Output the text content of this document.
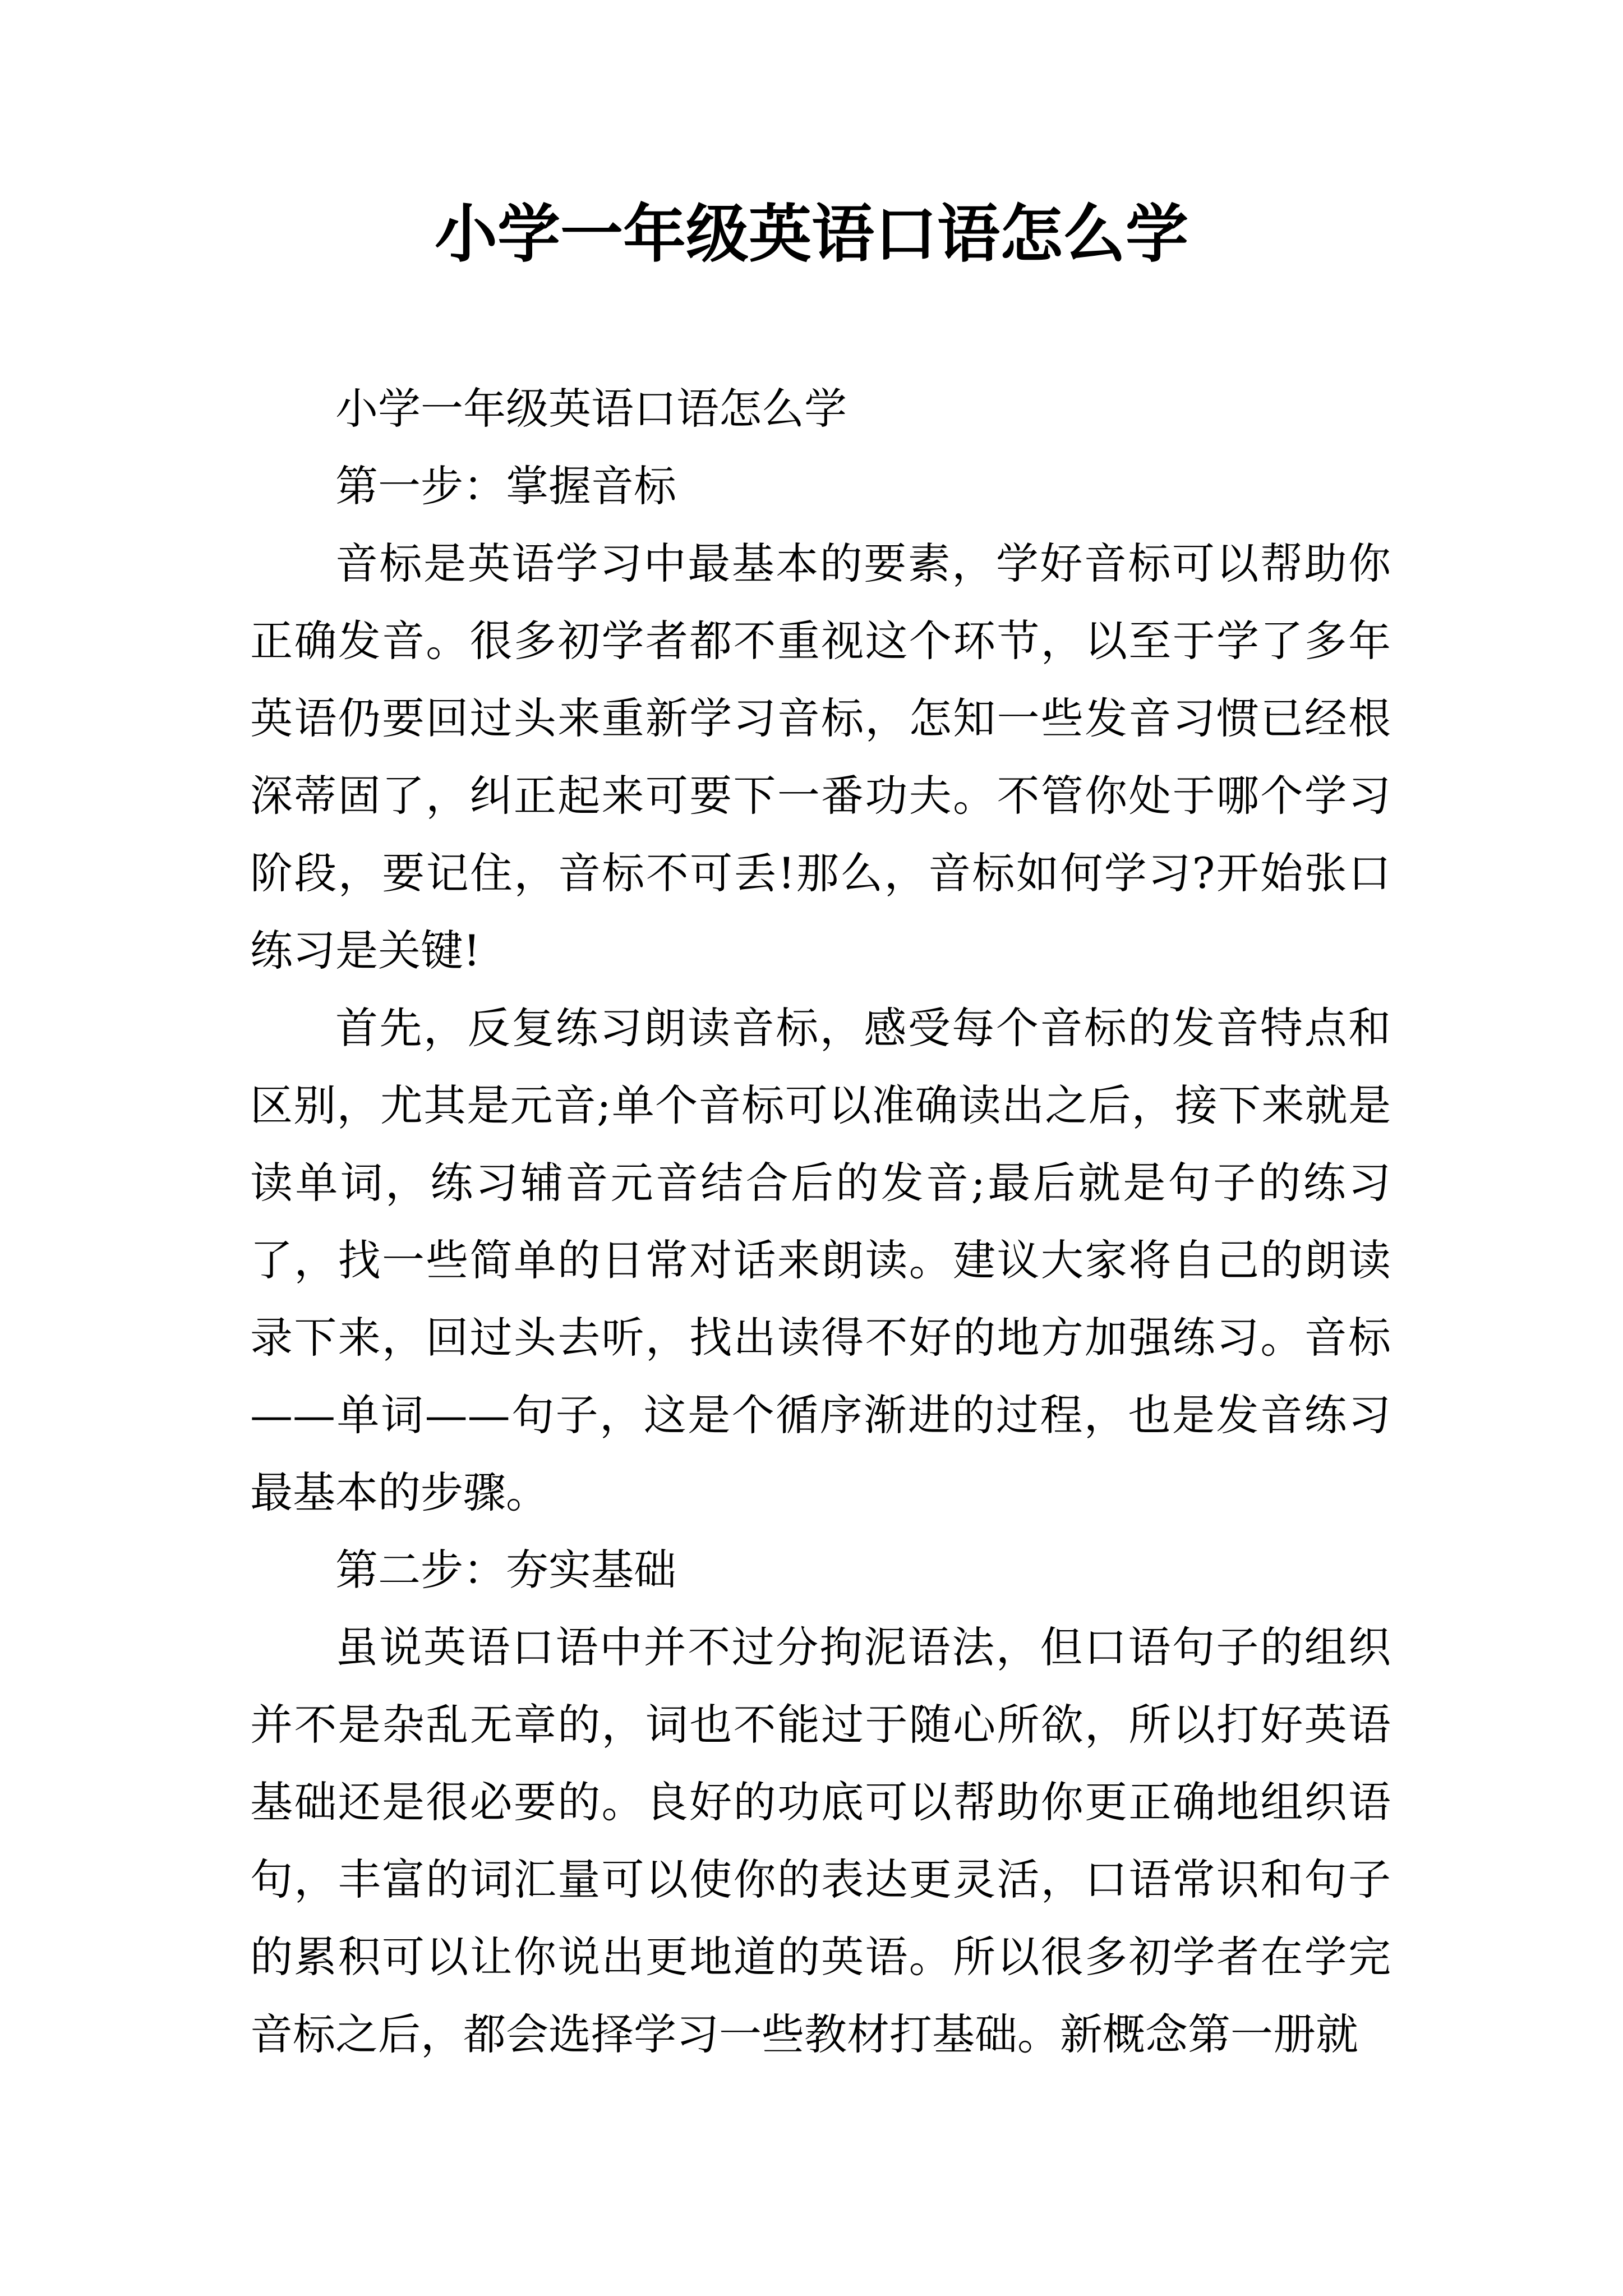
小学一年级英语口语怎么学

小学一年级英语口语怎么学

第一步：掌握音标

音标是英语学习中最基本的要素，学好音标可以帮助你正确发音。很多初学者都不重视这个环节，以至于学了多年英语仍要回过头来重新学习音标，怎知一些发音习惯已经根深蒂固了，纠正起来可要下一番功夫。不管你处于哪个学习阶段，要记住，音标不可丢!那么，音标如何学习?开始张口练习是关键!

首先，反复练习朗读音标，感受每个音标的发音特点和区别，尤其是元音;单个音标可以准确读出之后，接下来就是读单词，练习辅音元音结合后的发音;最后就是句子的练习了，找一些简单的日常对话来朗读。建议大家将自己的朗读录下来，回过头去听，找出读得不好的地方加强练习。音标——单词——句子，这是个循序渐进的过程，也是发音练习最基本的步骤。

第二步：夯实基础

虽说英语口语中并不过分拘泥语法，但口语句子的组织并不是杂乱无章的，词也不能过于随心所欲，所以打好英语基础还是很必要的。良好的功底可以帮助你更正确地组织语句，丰富的词汇量可以使你的表达更灵活，口语常识和句子的累积可以让你说出更地道的英语。所以很多初学者在学完音标之后，都会选择学习一些教材打基础。新概念第一册就
